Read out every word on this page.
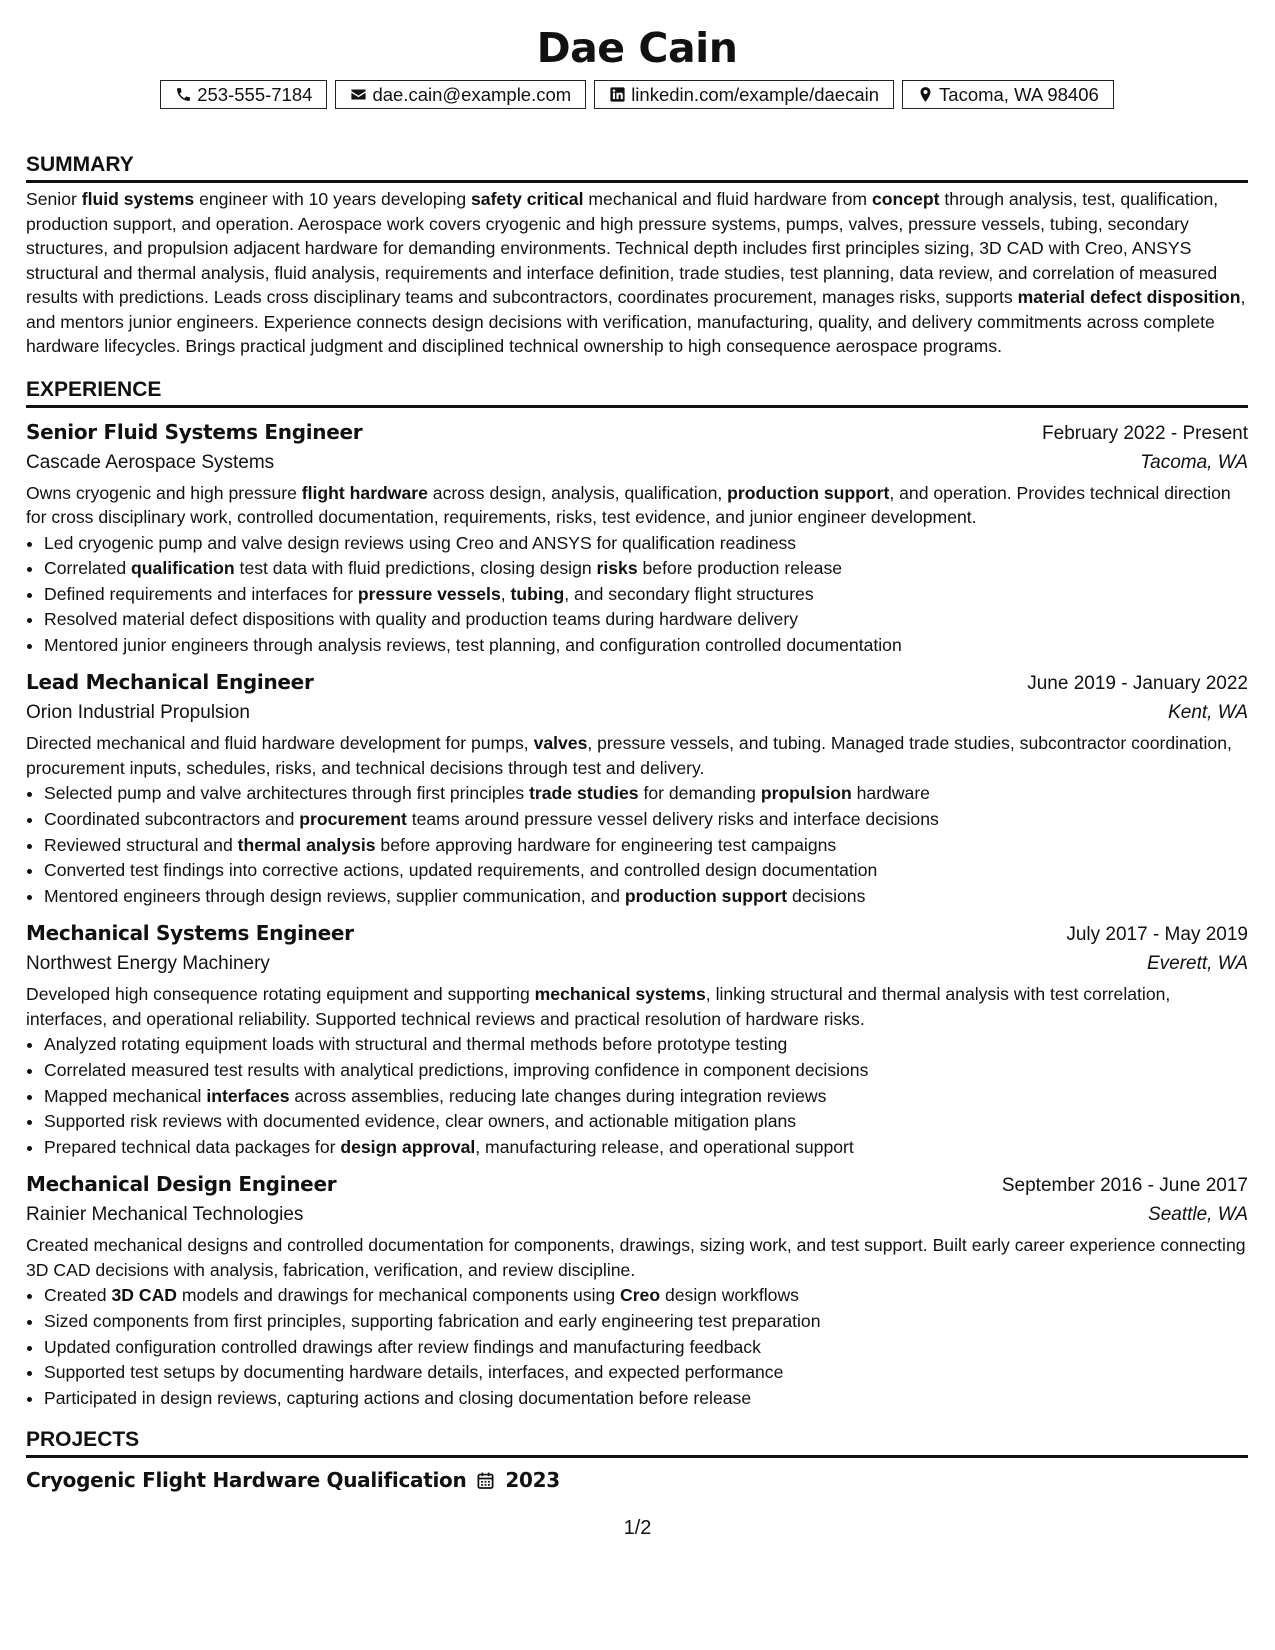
Dae Cain
253-555-7184	dae.cain@example.com	linkedin.com/example/daecain	Tacoma, WA 98406
SUMMARY

Senior fluid systems engineer with 10 years developing safety critical mechanical and fluid hardware from concept through analysis, test, qualification, production support, and operation. Aerospace work covers cryogenic and high pressure systems, pumps, valves, pressure vessels, tubing, secondary structures, and propulsion adjacent hardware for demanding environments. Technical depth includes first principles sizing, 3D CAD with Creo, ANSYS structural and thermal analysis, fluid analysis, requirements and interface definition, trade studies, test planning, data review, and correlation of measured results with predictions. Leads cross disciplinary teams and subcontractors, coordinates procurement, manages risks, supports material defect disposition, and mentors junior engineers. Experience connects design decisions with verification, manufacturing, quality, and delivery commitments across complete hardware lifecycles. Brings practical judgment and disciplined technical ownership to high consequence aerospace programs.

EXPERIENCE
Senior Fluid Systems Engineer	February 2022 - Present
Cascade Aerospace Systems	Tacoma, WA

Owns cryogenic and high pressure flight hardware across design, analysis, qualification, production support, and operation. Provides technical direction for cross disciplinary work, controlled documentation, requirements, risks, test evidence, and junior engineer development.

• Led cryogenic pump and valve design reviews using Creo and ANSYS for qualification readiness
• Correlated qualification test data with fluid predictions, closing design risks before production release
• Defined requirements and interfaces for pressure vessels, tubing, and secondary flight structures
• Resolved material defect dispositions with quality and production teams during hardware delivery
• Mentored junior engineers through analysis reviews, test planning, and configuration controlled documentation
Lead Mechanical Engineer	June 2019 - January 2022
Orion Industrial Propulsion	Kent, WA

Directed mechanical and fluid hardware development for pumps, valves, pressure vessels, and tubing. Managed trade studies, subcontractor coordination, procurement inputs, schedules, risks, and technical decisions through test and delivery.

• Selected pump and valve architectures through first principles trade studies for demanding propulsion hardware
• Coordinated subcontractors and procurement teams around pressure vessel delivery risks and interface decisions
• Reviewed structural and thermal analysis before approving hardware for engineering test campaigns
• Converted test findings into corrective actions, updated requirements, and controlled design documentation
• Mentored engineers through design reviews, supplier communication, and production support decisions
Mechanical Systems Engineer	July 2017 - May 2019
Northwest Energy Machinery	Everett, WA

Developed high consequence rotating equipment and supporting mechanical systems, linking structural and thermal analysis with test correlation, interfaces, and operational reliability. Supported technical reviews and practical resolution of hardware risks.

• Analyzed rotating equipment loads with structural and thermal methods before prototype testing
• Correlated measured test results with analytical predictions, improving confidence in component decisions
• Mapped mechanical interfaces across assemblies, reducing late changes during integration reviews
• Supported risk reviews with documented evidence, clear owners, and actionable mitigation plans
• Prepared technical data packages for design approval, manufacturing release, and operational support
Mechanical Design Engineer	September 2016 - June 2017
Rainier Mechanical Technologies	Seattle, WA

Created mechanical designs and controlled documentation for components, drawings, sizing work, and test support. Built early career experience connecting 3D CAD decisions with analysis, fabrication, verification, and review discipline.

• Created 3D CAD models and drawings for mechanical components using Creo design workflows
• Sized components from first principles, supporting fabrication and early engineering test preparation
• Updated configuration controlled drawings after review findings and manufacturing feedback
• Supported test setups by documenting hardware details, interfaces, and expected performance
• Participated in design reviews, capturing actions and closing documentation before release
PROJECTS
Cryogenic Flight Hardware Qualification 2023
1/2
